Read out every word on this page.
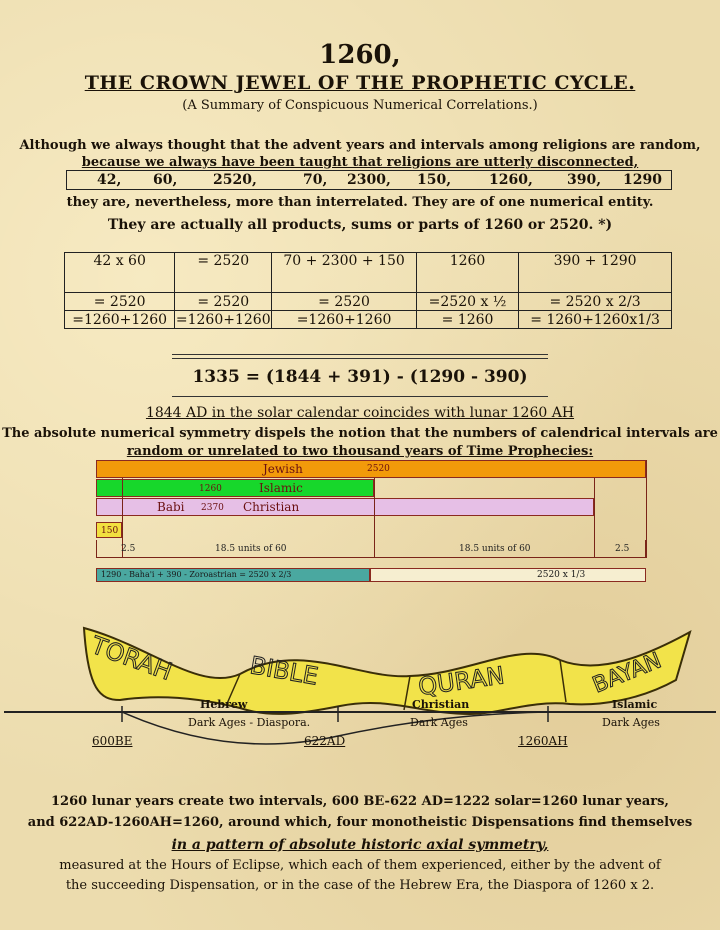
1260,
THE CROWN JEWEL OF THE PROPHETIC CYCLE.
(A Summary of Conspicuous Numerical Correlations.)
Although we always thought that the advent years and intervals among religions are random,
because we always have been taught that religions are utterly disconnected,
42, 60,	2520,	70, 2300, 150,	1260, 390, 1290
they are, nevertheless, more than interrelated. They are of one numerical entity.
They are actually all products, sums or parts of 1260 or 2520. *)
42 x 60	= 2520	70 + 2300 + 150	1260	390 + 1290
= 2520	= 2520	= 2520	=2520 x ½	= 2520 x 2/3
=1260+1260	=1260+1260	=1260+1260	= 1260	= 1260+1260x1/3
1335 = (1844 + 391) - (1290 - 390)
1844 AD in the solar calendar coincides with lunar 1260 AH
The absolute numerical symmetry dispels the notion that the numbers of calendrical intervals are
random or unrelated to two thousand years of Time Prophecies:
Jewish	2520
1260	Islamic
Babi 2370 Christian
150
2.5	18.5 units of 60	18.5 units of 60	2.5
1290 - Baha'i + 390 - Zoroastrian = 2520 x 2/3	2520 x 1/3
TORAH	BIBLE	QURAN	BAYAN
Hebrew
Dark Ages - Diaspora.
Christian
Dark Ages
Islamic
Dark Ages
600BE	622AD	1260AH
1260 lunar years create two intervals, 600 BE-622 AD=1222 solar=1260 lunar years,
and 622AD-1260AH=1260, around which, four monotheistic Dispensations find themselves
in a pattern of absolute historic axial symmetry,
measured at the Hours of Eclipse, which each of them experienced, either by the advent of
the succeeding Dispensation, or in the case of the Hebrew Era, the Diaspora of 1260 x 2.
